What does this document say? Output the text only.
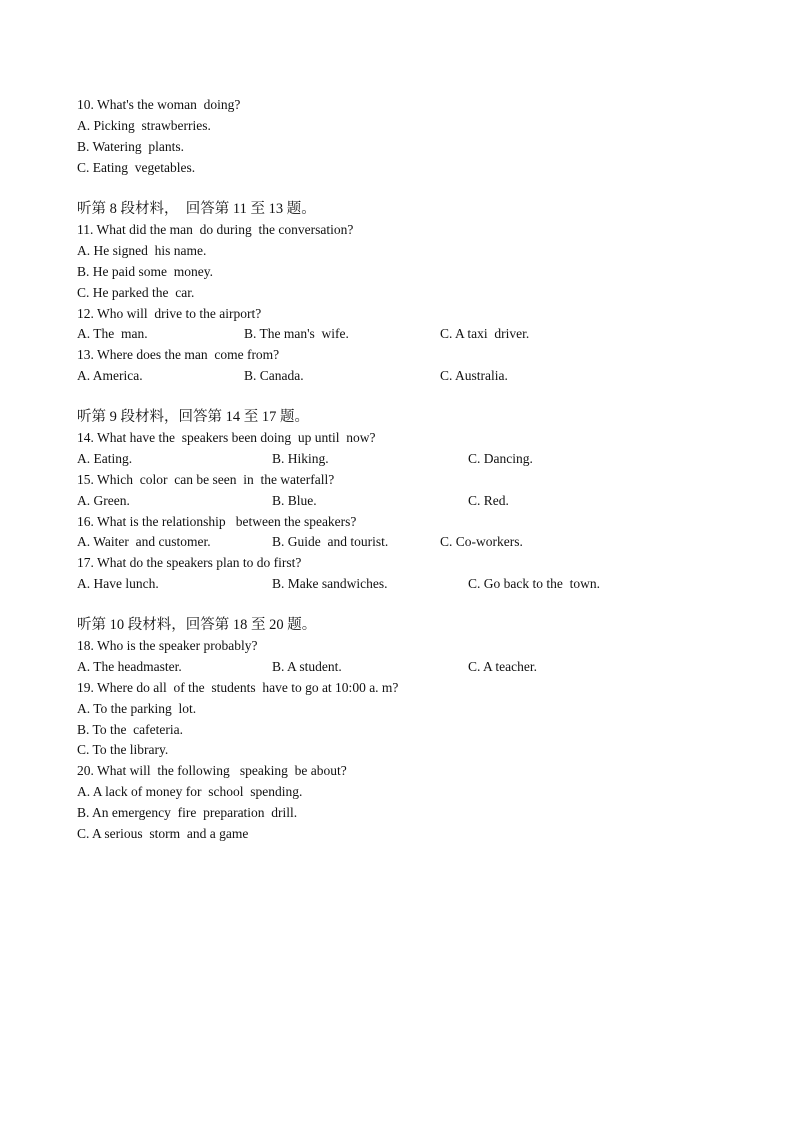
10. What's the woman  doing?
A. Picking  strawberries.
B. Watering  plants.
C. Eating  vegetables.
听第 8 段材料，  回答第 11 至 13 题。
11. What did the man  do during  the conversation?
A. He signed  his name.
B. He paid some  money.
C. He parked the  car.
12. Who will  drive to the airport?
A. The  man.	B. The man's  wife.	C. A taxi  driver.
13. Where does the man  come from?
A. America.	B. Canada.	C. Australia.
听第 9 段材料，回答第 14 至 17 题。
14. What have the  speakers been doing  up until  now?
A. Eating.	B. Hiking.	C. Dancing.
15. Which  color  can be seen  in  the waterfall?
A. Green.	B. Blue.	C. Red.
16. What is the relationship   between the speakers?
A. Waiter  and customer.	B. Guide  and tourist.	C. Co-workers.
17. What do the speakers plan to do first?
A. Have lunch.	B. Make sandwiches.	C. Go back to the  town.
听第 10 段材料，回答第 18 至 20 题。
18. Who is the speaker probably?
A. The headmaster.	B. A student.	C. A teacher.
19. Where do all  of the  students  have to go at 10:00 a. m?
A. To the parking  lot.
B. To the  cafeteria.
C. To the library.
20. What will  the following   speaking  be about?
A. A lack of money for  school  spending.
B. An emergency  fire  preparation  drill.
C. A serious  storm  and a game
